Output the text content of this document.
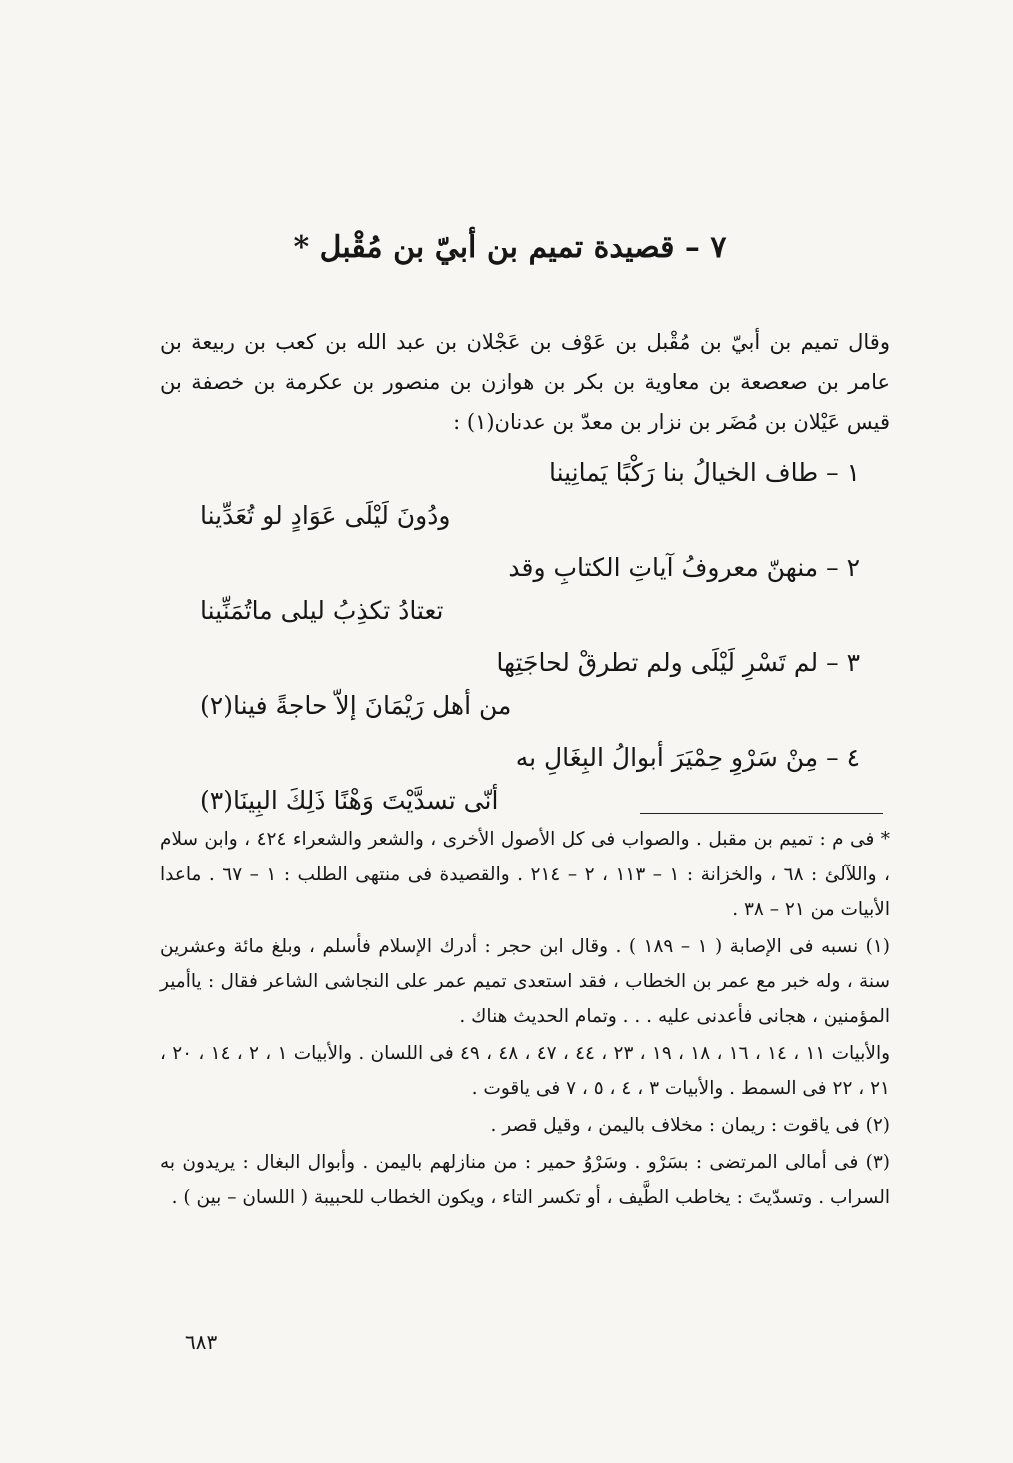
٧ – قصيدة تميم بن أبيّ بن مُقْبل *
وقال تميم بن أبيّ بن مُقْبل بن عَوْف بن عَجْلان بن عبد الله بن كعب بن ربيعة بن عامر بن صعصعة بن معاوية بن بكر بن هوازن بن منصور بن عكرمة بن خصفة بن قيس عَيْلان بن مُضَر بن نزار بن معدّ بن عدنان(١) :
١ – طاف الخيالُ بنا رَكْبًا يَمانِينا
ودُونَ لَيْلَى عَوَادٍ لو تُعَدِّينا
٢ – منهنّ معروفُ آياتِ الكتابِ وقد
تعتادُ تكذِبُ ليلى ماتُمَنِّينا
٣ – لم تَسْرِ لَيْلَى ولم تطرقْ لحاجَتِها
من أهل رَيْمَانَ إلاّ حاجةً فينا(٢)
٤ – مِنْ سَرْوِ حِمْيَرَ أبوالُ البِغَالِ به
أنّى تسدَّيْتَ وَهْنًا ذَلِكَ البِينَا(٣)

* فى م : تميم بن مقبل . والصواب فى كل الأصول الأخرى ، والشعر والشعراء ٤٢٤ ، وابن سلام ، واللآلئ : ٦٨ ، والخزانة : ١ – ١١٣ ، ٢ – ٢١٤ . والقصيدة فى منتهى الطلب : ١ – ٦٧ . ماعدا الأبيات من ٢١ – ٣٨ .

(١) نسبه فى الإصابة ( ١ – ١٨٩ ) . وقال ابن حجر : أدرك الإسلام فأسلم ، وبلغ مائة وعشرين سنة ، وله خبر مع عمر بن الخطاب ، فقد استعدى تميم عمر على النجاشى الشاعر فقال : ياأمير المؤمنين ، هجانى فأعدنى عليه . . . وتمام الحديث هناك .

والأبيات ١١ ، ١٤ ، ١٦ ، ١٨ ، ١٩ ، ٢٣ ، ٤٤ ، ٤٧ ، ٤٨ ، ٤٩ فى اللسان . والأبيات ١ ، ٢ ، ١٤ ، ٢٠ ، ٢١ ، ٢٢ فى السمط . والأبيات ٣ ، ٤ ، ٥ ، ٧ فى ياقوت .

(٢) فى ياقوت : ريمان : مخلاف باليمن ، وقيل قصر .

(٣) فى أمالى المرتضى : بسَرْو . وسَرْوُ حمير : من منازلهم باليمن . وأبوال البغال : يريدون به السراب . وتسدّيتَ : يخاطب الطَّيف ، أو تكسر التاء ، ويكون الخطاب للحبيبة ( اللسان – بين ) .

٦٨٣
